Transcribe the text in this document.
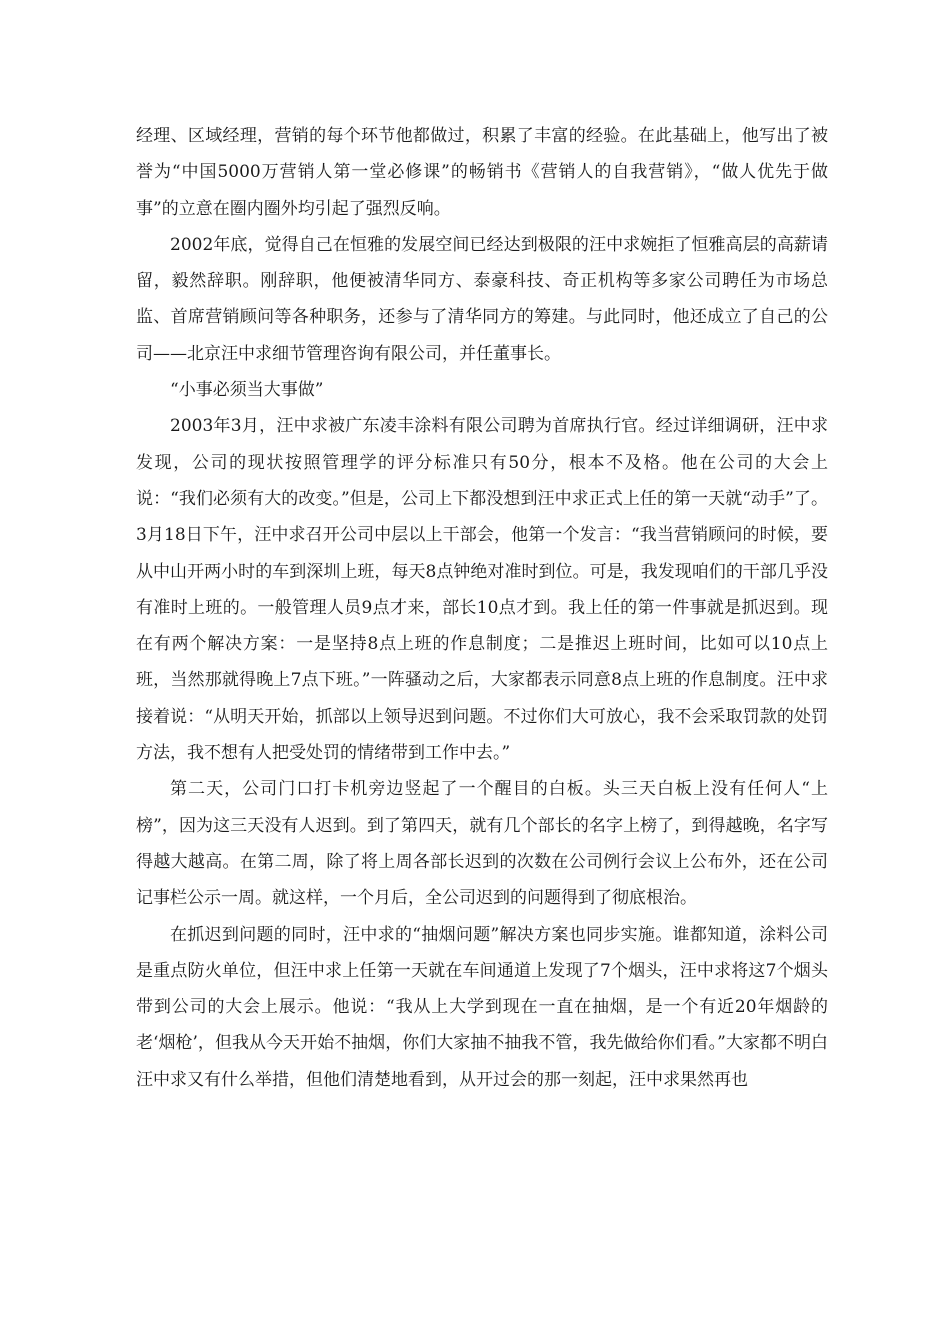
经理、区域经理，营销的每个环节他都做过，积累了丰富的经验。在此基础上，他写出了被誉为“中国5000万营销人第一堂必修课”的畅销书《营销人的自我营销》，“做人优先于做事”的立意在圈内圈外均引起了强烈反响。

2002年底，觉得自己在恒雅的发展空间已经达到极限的汪中求婉拒了恒雅高层的高薪请留，毅然辞职。刚辞职，他便被清华同方、泰豪科技、奇正机构等多家公司聘任为市场总监、首席营销顾问等各种职务，还参与了清华同方的筹建。与此同时，他还成立了自己的公司——北京汪中求细节管理咨询有限公司，并任董事长。

“小事必须当大事做”

2003年3月，汪中求被广东凌丰涂料有限公司聘为首席执行官。经过详细调研，汪中求发现，公司的现状按照管理学的评分标准只有50分，根本不及格。他在公司的大会上说：“我们必须有大的改变。”但是，公司上下都没想到汪中求正式上任的第一天就“动手”了。3月18日下午，汪中求召开公司中层以上干部会，他第一个发言：“我当营销顾问的时候，要从中山开两小时的车到深圳上班，每天8点钟绝对准时到位。可是，我发现咱们的干部几乎没有准时上班的。一般管理人员9点才来，部长10点才到。我上任的第一件事就是抓迟到。现在有两个解决方案：一是坚持8点上班的作息制度；二是推迟上班时间，比如可以10点上班，当然那就得晚上7点下班。”一阵骚动之后，大家都表示同意8点上班的作息制度。汪中求接着说：“从明天开始，抓部以上领导迟到问题。不过你们大可放心，我不会采取罚款的处罚方法，我不想有人把受处罚的情绪带到工作中去。”

第二天，公司门口打卡机旁边竖起了一个醒目的白板。头三天白板上没有任何人“上榜”，因为这三天没有人迟到。到了第四天，就有几个部长的名字上榜了，到得越晚，名字写得越大越高。在第二周，除了将上周各部长迟到的次数在公司例行会议上公布外，还在公司记事栏公示一周。就这样，一个月后，全公司迟到的问题得到了彻底根治。

在抓迟到问题的同时，汪中求的“抽烟问题”解决方案也同步实施。谁都知道，涂料公司是重点防火单位，但汪中求上任第一天就在车间通道上发现了7个烟头，汪中求将这7个烟头带到公司的大会上展示。他说：“我从上大学到现在一直在抽烟，是一个有近20年烟龄的老‘烟枪’，但我从今天开始不抽烟，你们大家抽不抽我不管，我先做给你们看。”大家都不明白汪中求又有什么举措，但他们清楚地看到，从开过会的那一刻起，汪中求果然再也
